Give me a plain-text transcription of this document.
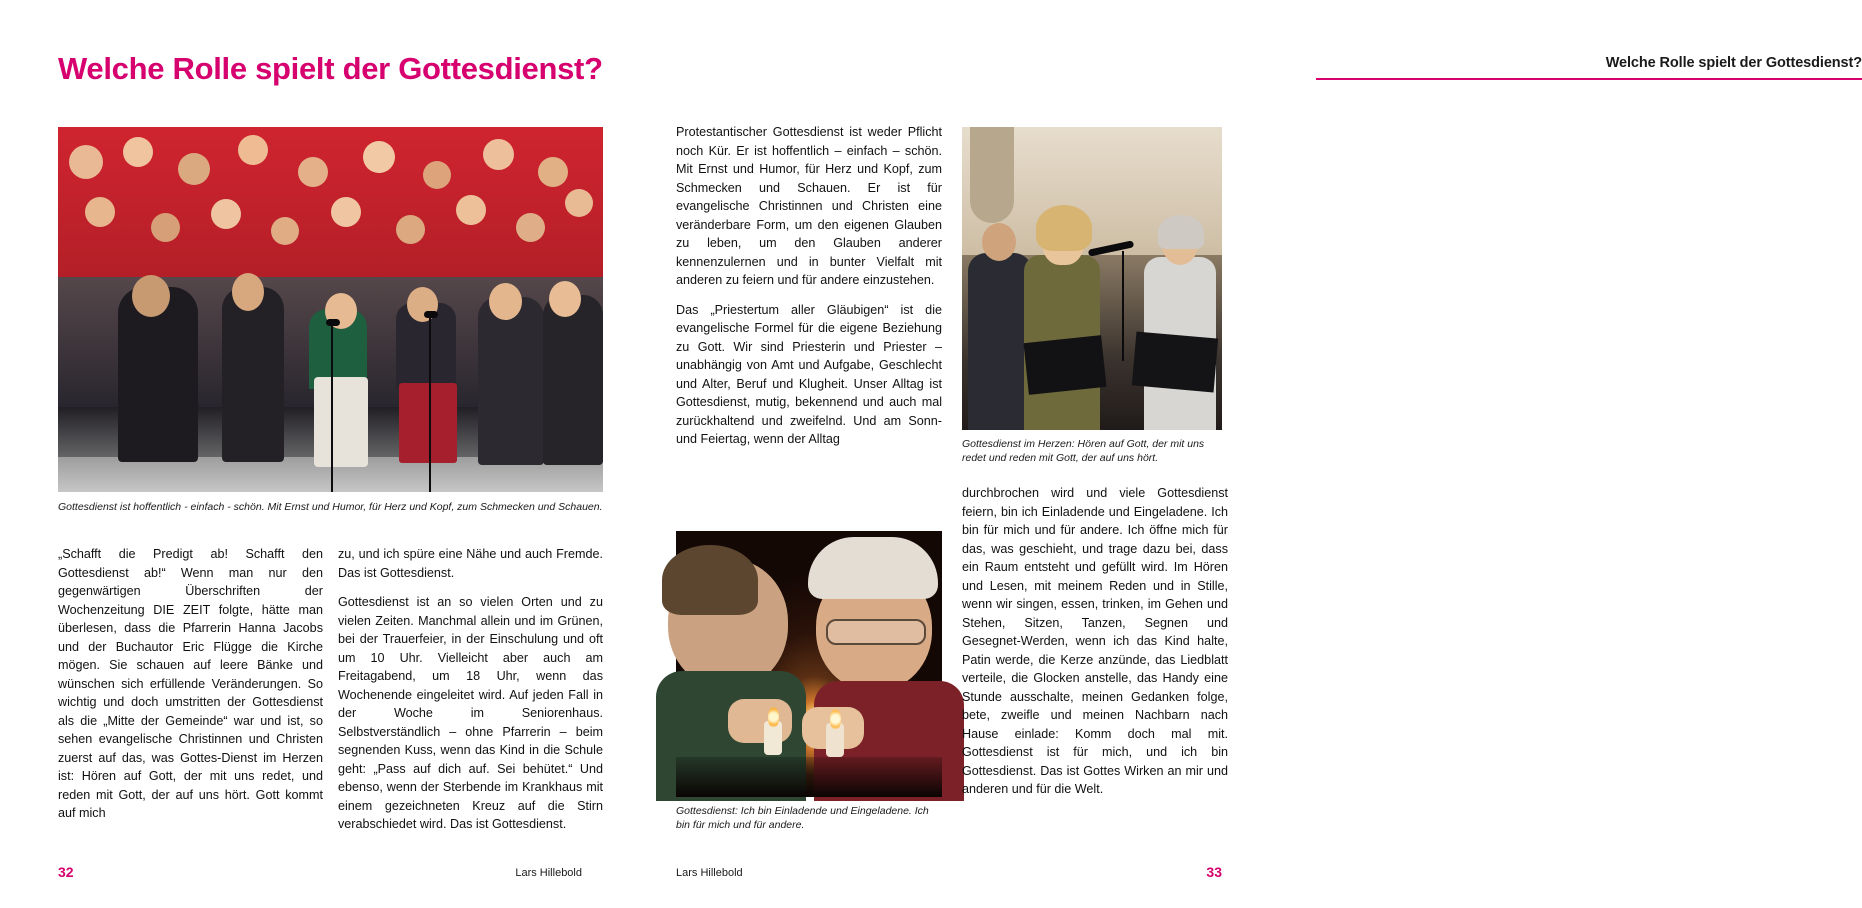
Welche Rolle spielt der Gottesdienst?
Gottesdienst ist hoffentlich - einfach - schön. Mit Ernst und Humor, für Herz und Kopf, zum Schmecken und Schauen.

„Schafft die Predigt ab! Schafft den Gottesdienst ab!“ Wenn man nur den gegenwärtigen Überschriften der Wochenzeitung DIE ZEIT folgte, hätte man überlesen, dass die Pfarrerin Hanna Jacobs und der Buchautor Eric Flügge die Kirche mögen. Sie schauen auf leere Bänke und wünschen sich erfüllende Veränderungen. So wichtig und doch umstritten der Gottesdienst als die „Mitte der Gemeinde“ war und ist, so sehen evangelische Christinnen und Christen zuerst auf das, was Gottes-Dienst im Herzen ist: Hören auf Gott, der mit uns redet, und reden mit Gott, der auf uns hört. Gott kommt auf mich

zu, und ich spüre eine Nähe und auch Fremde. Das ist Gottesdienst.

Gottesdienst ist an so vielen Orten und zu vielen Zeiten. Manchmal allein und im Grünen, bei der Trauerfeier, in der Einschulung und oft um 10 Uhr. Vielleicht aber auch am Freitagabend, um 18 Uhr, wenn das Wochenende eingeleitet wird. Auf jeden Fall in der Woche im Seniorenhaus. Selbstverständlich – ohne Pfarrerin – beim segnenden Kuss, wenn das Kind in die Schule geht: „Pass auf dich auf. Sei behütet.“ Und ebenso, wenn der Sterbende im Krankhaus mit einem gezeichneten Kreuz auf die Stirn verabschiedet wird. Das ist Gottesdienst.

32	Lars Hillebold
Welche Rolle spielt der Gottesdienst?

Protestantischer Gottesdienst ist weder Pflicht noch Kür. Er ist hoffentlich – einfach – schön. Mit Ernst und Humor, für Herz und Kopf, zum Schmecken und Schauen. Er ist für evangelische Christinnen und Christen eine veränderbare Form, um den eigenen Glauben zu leben, um den Glauben anderer kennenzulernen und in bunter Vielfalt mit anderen zu feiern und für andere einzustehen.

Das „Priestertum aller Gläubigen“ ist die evangelische Formel für die eigene Beziehung zu Gott. Wir sind Priesterin und Priester – unabhängig von Amt und Aufgabe, Geschlecht und Alter, Beruf und Klugheit. Unser Alltag ist Gottesdienst, mutig, bekennend und auch mal zurückhaltend und zweifelnd. Und am Sonn- und Feiertag, wenn der Alltag	Gottesdienst im Herzen: Hören auf Gott, der mit uns redet und reden mit Gott, der auf uns hört.
Gottesdienst: Ich bin Einladende und Eingeladene. Ich bin für mich und für andere.

durchbrochen wird und viele Gottesdienst feiern, bin ich Einladende und Eingeladene. Ich bin für mich und für andere. Ich öffne mich für das, was geschieht, und trage dazu bei, dass ein Raum entsteht und gefüllt wird. Im Hören und Lesen, mit meinem Reden und in Stille, wenn wir singen, essen, trinken, im Gehen und Stehen, Sitzen, Tanzen, Segnen und Gesegnet-Werden, wenn ich das Kind halte, Patin werde, die Kerze anzünde, das Liedblatt verteile, die Glocken anstelle, das Handy eine Stunde ausschalte, meinen Gedanken folge, bete, zweifle und meinen Nachbarn nach Hause einlade: Komm doch mal mit. Gottesdienst ist für mich, und ich bin Gottesdienst. Das ist Gottes Wirken an mir und anderen und für die Welt.

Lars Hillebold	33
